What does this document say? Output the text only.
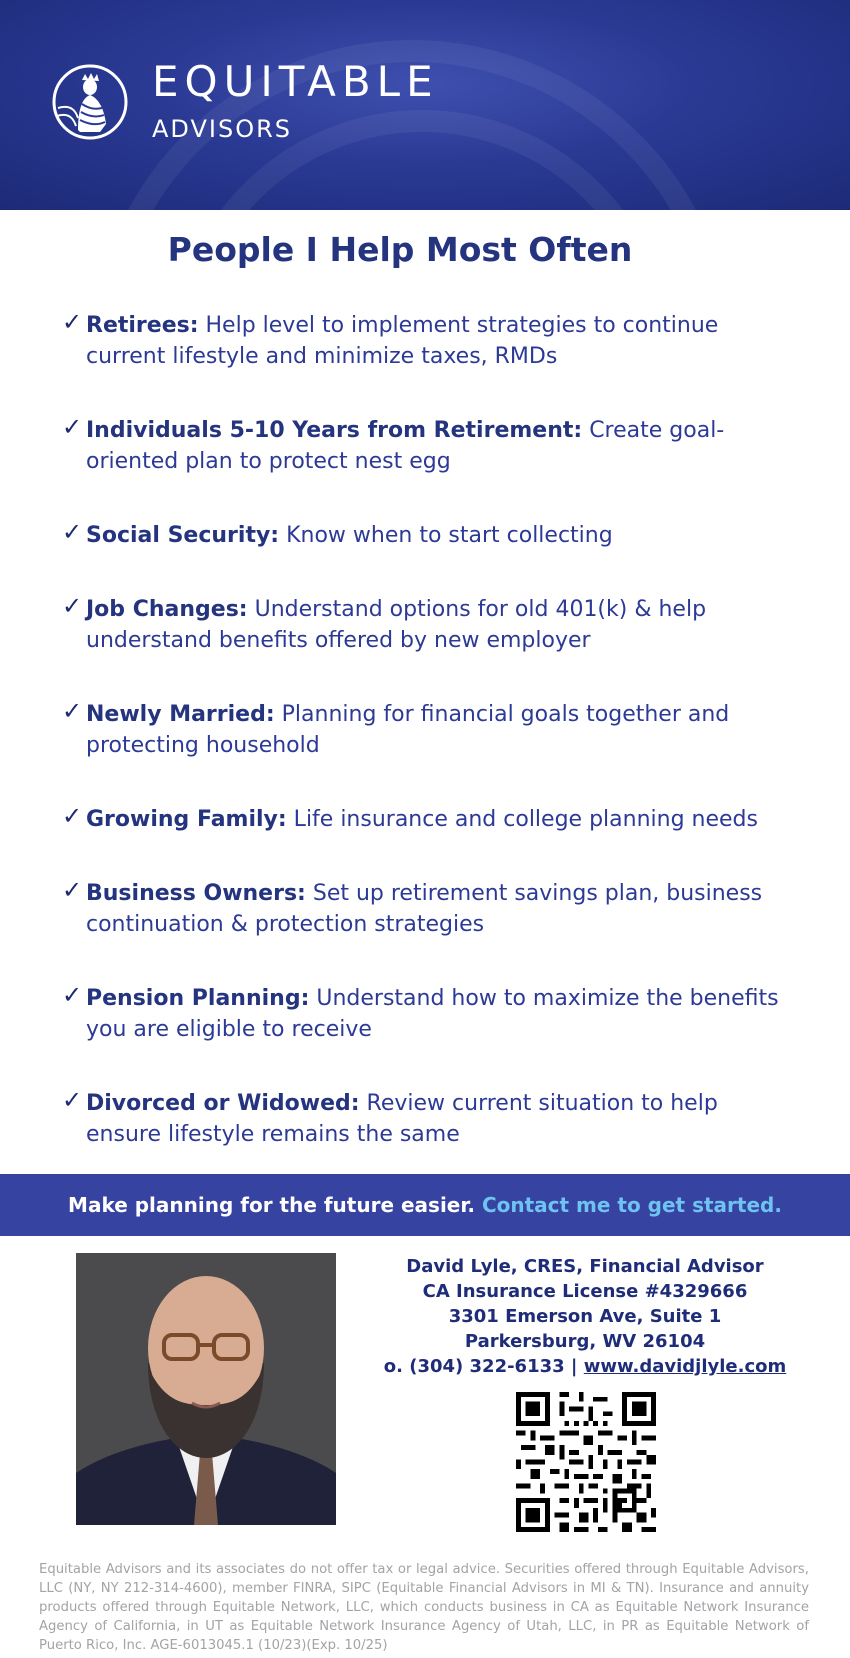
EQUITABLE
ADVISORS
People I Help Most Often
✓ Retirees: Help level to implement strategies to continue
current lifestyle and minimize taxes, RMDs
✓ Individuals 5-10 Years from Retirement: Create goal-
oriented plan to protect nest egg
✓ Social Security: Know when to start collecting
✓ Job Changes: Understand options for old 401(k) & help
understand benefits offered by new employer
✓ Newly Married: Planning for financial goals together and
protecting household
✓ Growing Family: Life insurance and college planning needs
✓ Business Owners: Set up retirement savings plan, business
continuation & protection strategies
✓ Pension Planning: Understand how to maximize the benefits
you are eligible to receive
✓ Divorced or Widowed: Review current situation to help
ensure lifestyle remains the same
Make planning for the future easier. Contact me to get started.
David Lyle, CRES, Financial Advisor
CA Insurance License #4329666
3301 Emerson Ave, Suite 1
Parkersburg, WV 26104
o. (304) 322-6133 | www.davidjlyle.com
Equitable Advisors and its associates do not offer tax or legal advice. Securities offered through Equitable Advisors, LLC (NY, NY 212-314-4600), member FINRA, SIPC (Equitable Financial Advisors in MI & TN). Insurance and annuity products offered through Equitable Network, LLC, which conducts business in CA as Equitable Network Insurance Agency of California, in UT as Equitable Network Insurance Agency of Utah, LLC, in PR as Equitable Network of Puerto Rico, Inc. AGE-6013045.1 (10/23)(Exp. 10/25)
